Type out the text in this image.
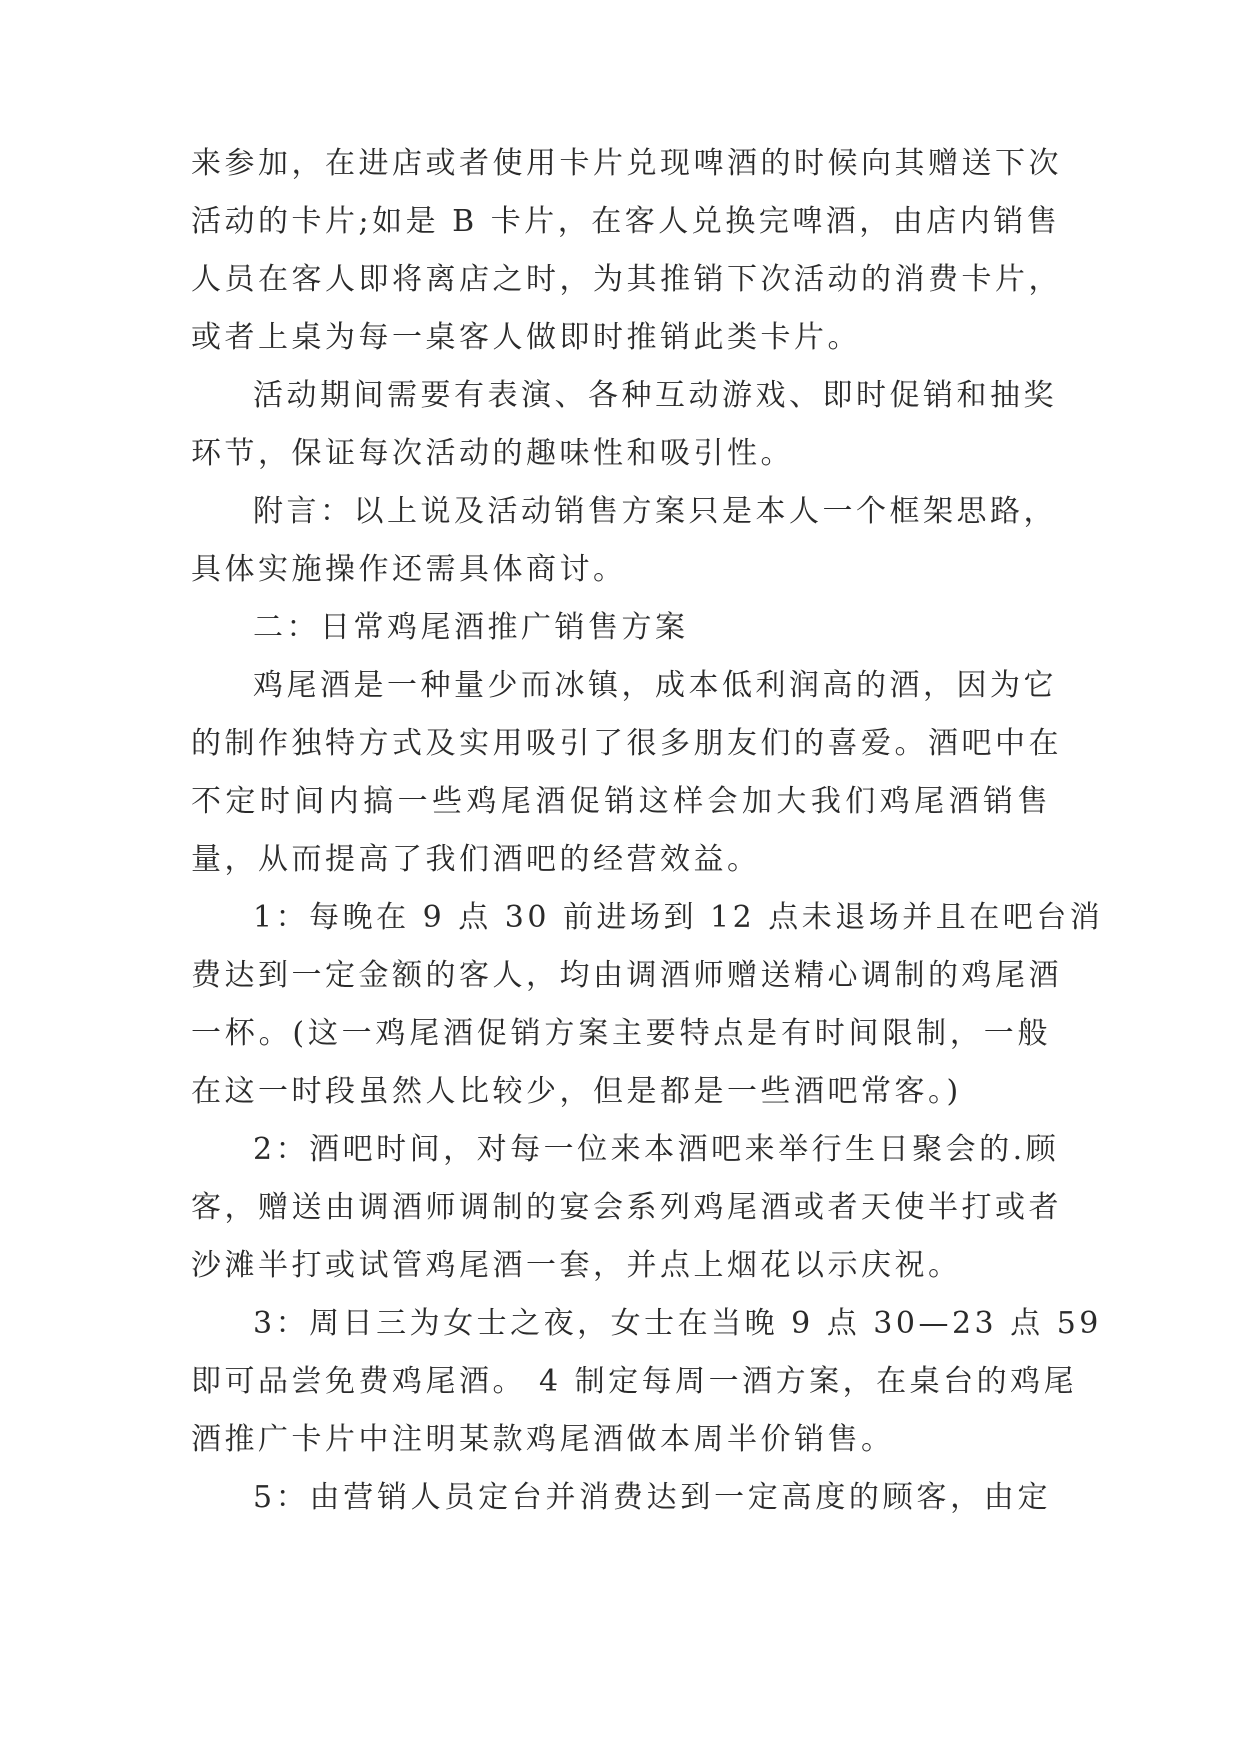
来参加，在进店或者使用卡片兑现啤酒的时候向其赠送下次
活动的卡片;如是 B 卡片，在客人兑换完啤酒，由店内销售
人员在客人即将离店之时，为其推销下次活动的消费卡片，
或者上桌为每一桌客人做即时推销此类卡片。
活动期间需要有表演、各种互动游戏、即时促销和抽奖
环节，保证每次活动的趣味性和吸引性。
附言：以上说及活动销售方案只是本人一个框架思路，
具体实施操作还需具体商讨。
二：日常鸡尾酒推广销售方案
鸡尾酒是一种量少而冰镇，成本低利润高的酒，因为它
的制作独特方式及实用吸引了很多朋友们的喜爱。酒吧中在
不定时间内搞一些鸡尾酒促销这样会加大我们鸡尾酒销售
量，从而提高了我们酒吧的经营效益。
1：每晚在 9 点 30 前进场到 12 点未退场并且在吧台消
费达到一定金额的客人，均由调酒师赠送精心调制的鸡尾酒
一杯。(这一鸡尾酒促销方案主要特点是有时间限制，一般
在这一时段虽然人比较少，但是都是一些酒吧常客。)
2：酒吧时间，对每一位来本酒吧来举行生日聚会的.顾
客，赠送由调酒师调制的宴会系列鸡尾酒或者天使半打或者
沙滩半打或试管鸡尾酒一套，并点上烟花以示庆祝。
3：周日三为女士之夜，女士在当晚 9 点 30—23 点 59
即可品尝免费鸡尾酒。 4 制定每周一酒方案，在桌台的鸡尾
酒推广卡片中注明某款鸡尾酒做本周半价销售。
5：由营销人员定台并消费达到一定高度的顾客，由定
